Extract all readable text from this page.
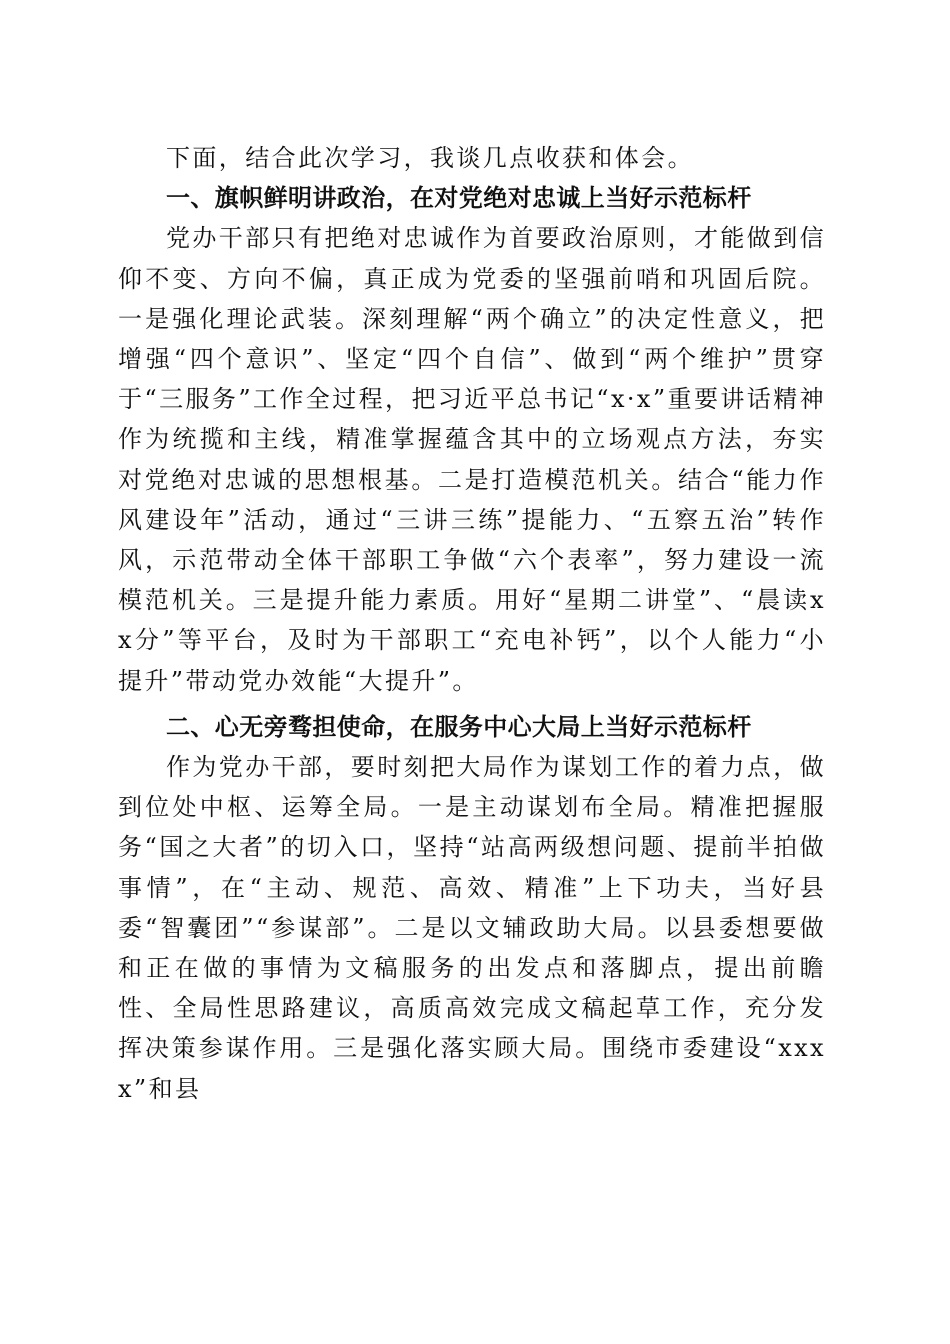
下面，结合此次学习，我谈几点收获和体会。

一、旗帜鲜明讲政治，在对党绝对忠诚上当好示范标杆

党办干部只有把绝对忠诚作为首要政治原则，才能做到信仰不变、方向不偏，真正成为党委的坚强前哨和巩固后院。一是强化理论武装。深刻理解“两个确立”的决定性意义，把增强“四个意识”、坚定“四个自信”、做到“两个维护”贯穿于“三服务”工作全过程，把习近平总书记“x·x”重要讲话精神作为统揽和主线，精准掌握蕴含其中的立场观点方法，夯实对党绝对忠诚的思想根基。二是打造模范机关。结合“能力作风建设年”活动，通过“三讲三练”提能力、“五察五治”转作风，示范带动全体干部职工争做“六个表率”，努力建设一流模范机关。三是提升能力素质。用好“星期二讲堂”、“晨读xx分”等平台，及时为干部职工“充电补钙”，以个人能力“小提升”带动党办效能“大提升”。

二、心无旁骛担使命，在服务中心大局上当好示范标杆

作为党办干部，要时刻把大局作为谋划工作的着力点，做到位处中枢、运筹全局。一是主动谋划布全局。精准把握服务“国之大者”的切入口，坚持“站高两级想问题、提前半拍做事情”，在“主动、规范、高效、精准”上下功夫，当好县委“智囊团”“参谋部”。二是以文辅政助大局。以县委想要做和正在做的事情为文稿服务的出发点和落脚点，提出前瞻性、全局性思路建议，高质高效完成文稿起草工作，充分发挥决策参谋作用。三是强化落实顾大局。围绕市委建设“xxxx”和县
